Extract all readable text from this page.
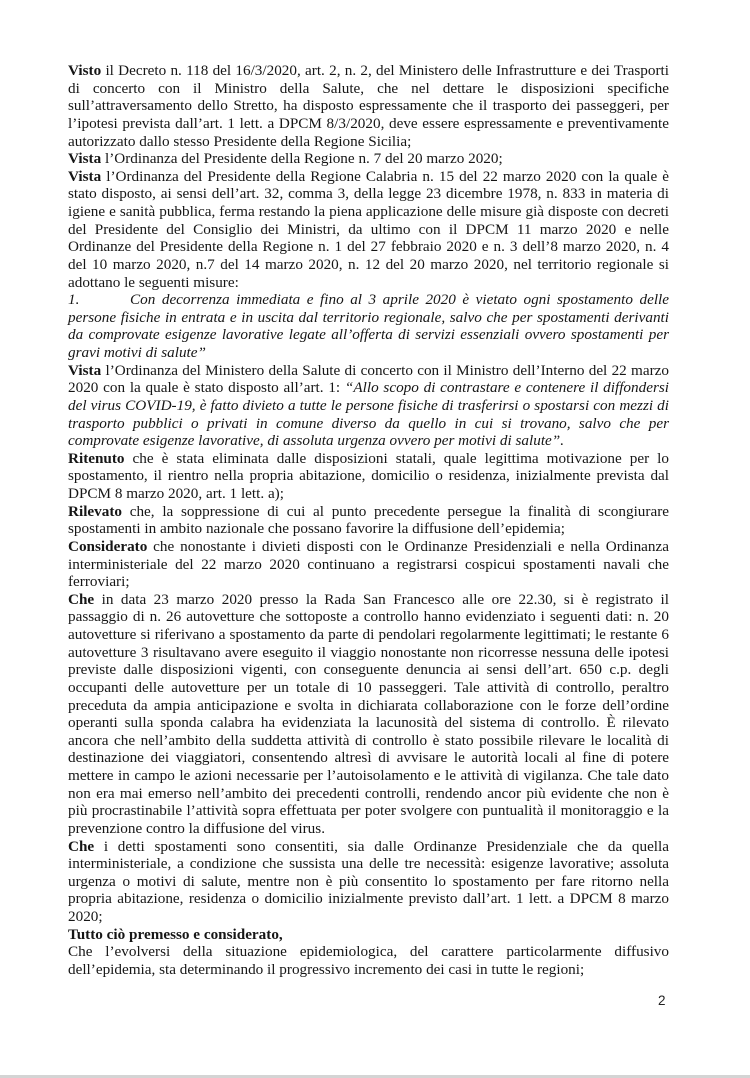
Visto il Decreto n. 118 del 16/3/2020, art. 2, n. 2, del Ministero delle Infrastrutture e dei Trasporti di concerto con il Ministro della Salute, che nel dettare le disposizioni specifiche sull’attraversamento dello Stretto, ha disposto espressamente che il trasporto dei passeggeri, per l’ipotesi prevista dall’art. 1 lett. a DPCM 8/3/2020, deve essere espressamente e preventivamente autorizzato dallo stesso Presidente della Regione Sicilia;

Vista l’Ordinanza del Presidente della Regione n. 7 del 20 marzo 2020;

Vista l’Ordinanza del Presidente della Regione Calabria n. 15 del 22 marzo 2020 con la quale è stato disposto, ai sensi dell’art. 32, comma 3, della legge 23 dicembre 1978, n. 833 in materia di igiene e sanità pubblica, ferma restando la piena applicazione delle misure già disposte con decreti del Presidente del Consiglio dei Ministri, da ultimo con il DPCM 11 marzo 2020 e nelle Ordinanze del Presidente della Regione n. 1 del 27 febbraio 2020 e n. 3 dell’8 marzo 2020, n. 4 del 10 marzo 2020, n.7 del 14 marzo 2020, n. 12 del 20 marzo 2020, nel territorio regionale si adottano le seguenti misure:

1.	Con decorrenza immediata e fino al 3 aprile 2020 è vietato ogni spostamento delle persone fisiche in entrata e in uscita dal territorio regionale, salvo che per spostamenti derivanti da comprovate esigenze lavorative legate all’offerta di servizi essenziali ovvero spostamenti per gravi motivi di salute”

Vista l’Ordinanza del Ministero della Salute di concerto con il Ministro dell’Interno del 22 marzo 2020 con la quale è stato disposto all’art. 1: “Allo scopo di contrastare e contenere il diffondersi del virus COVID-19, è fatto divieto a tutte le persone fisiche di trasferirsi o spostarsi con mezzi di trasporto pubblici o privati in comune diverso da quello in cui si trovano, salvo che per comprovate esigenze lavorative, di assoluta urgenza ovvero per motivi di salute”.

Ritenuto che è stata eliminata dalle disposizioni statali, quale legittima motivazione per lo spostamento, il rientro nella propria abitazione, domicilio o residenza, inizialmente prevista dal DPCM 8 marzo 2020, art. 1 lett. a);

Rilevato che, la soppressione di cui al punto precedente persegue la finalità di scongiurare spostamenti in ambito nazionale che possano favorire la diffusione dell’epidemia;

Considerato che nonostante i divieti disposti con le Ordinanze Presidenziali e nella Ordinanza interministeriale del 22 marzo 2020 continuano a registrarsi cospicui spostamenti navali che ferroviari;

Che in data 23 marzo 2020 presso la Rada San Francesco alle ore 22.30, si è registrato il passaggio di n. 26 autovetture che sottoposte a controllo hanno evidenziato i seguenti dati: n. 20 autovetture si riferivano a spostamento da parte di pendolari regolarmente legittimati; le restante 6 autovetture 3 risultavano avere eseguito il viaggio nonostante non ricorresse nessuna delle ipotesi previste dalle disposizioni vigenti, con conseguente denuncia ai sensi dell’art. 650 c.p. degli occupanti delle autovetture per un totale di 10 passeggeri. Tale attività di controllo, peraltro preceduta da ampia anticipazione e svolta in dichiarata collaborazione con le forze dell’ordine operanti sulla sponda calabra ha evidenziata la lacunosità del sistema di controllo. È rilevato ancora che nell’ambito della suddetta attività di controllo è stato possibile rilevare le località di destinazione dei viaggiatori, consentendo altresì di avvisare le autorità locali al fine di potere mettere in campo le azioni necessarie per l’autoisolamento e le attività di vigilanza. Che tale dato non era mai emerso nell’ambito dei precedenti controlli, rendendo ancor più evidente che non è più procrastinabile l’attività sopra effettuata per poter svolgere con puntualità il monitoraggio e la prevenzione contro la diffusione del virus.

Che i detti spostamenti sono consentiti, sia dalle Ordinanze Presidenziale che da quella interministeriale, a condizione che sussista una delle tre necessità: esigenze lavorative; assoluta urgenza o motivi di salute, mentre non è più consentito lo spostamento per fare ritorno nella propria abitazione, residenza o domicilio inizialmente previsto dall’art. 1 lett. a DPCM 8 marzo 2020;

Tutto ciò premesso e considerato,

Che l’evolversi della situazione epidemiologica, del carattere particolarmente diffusivo dell’epidemia, sta determinando il progressivo incremento dei casi in tutte le regioni;

2
